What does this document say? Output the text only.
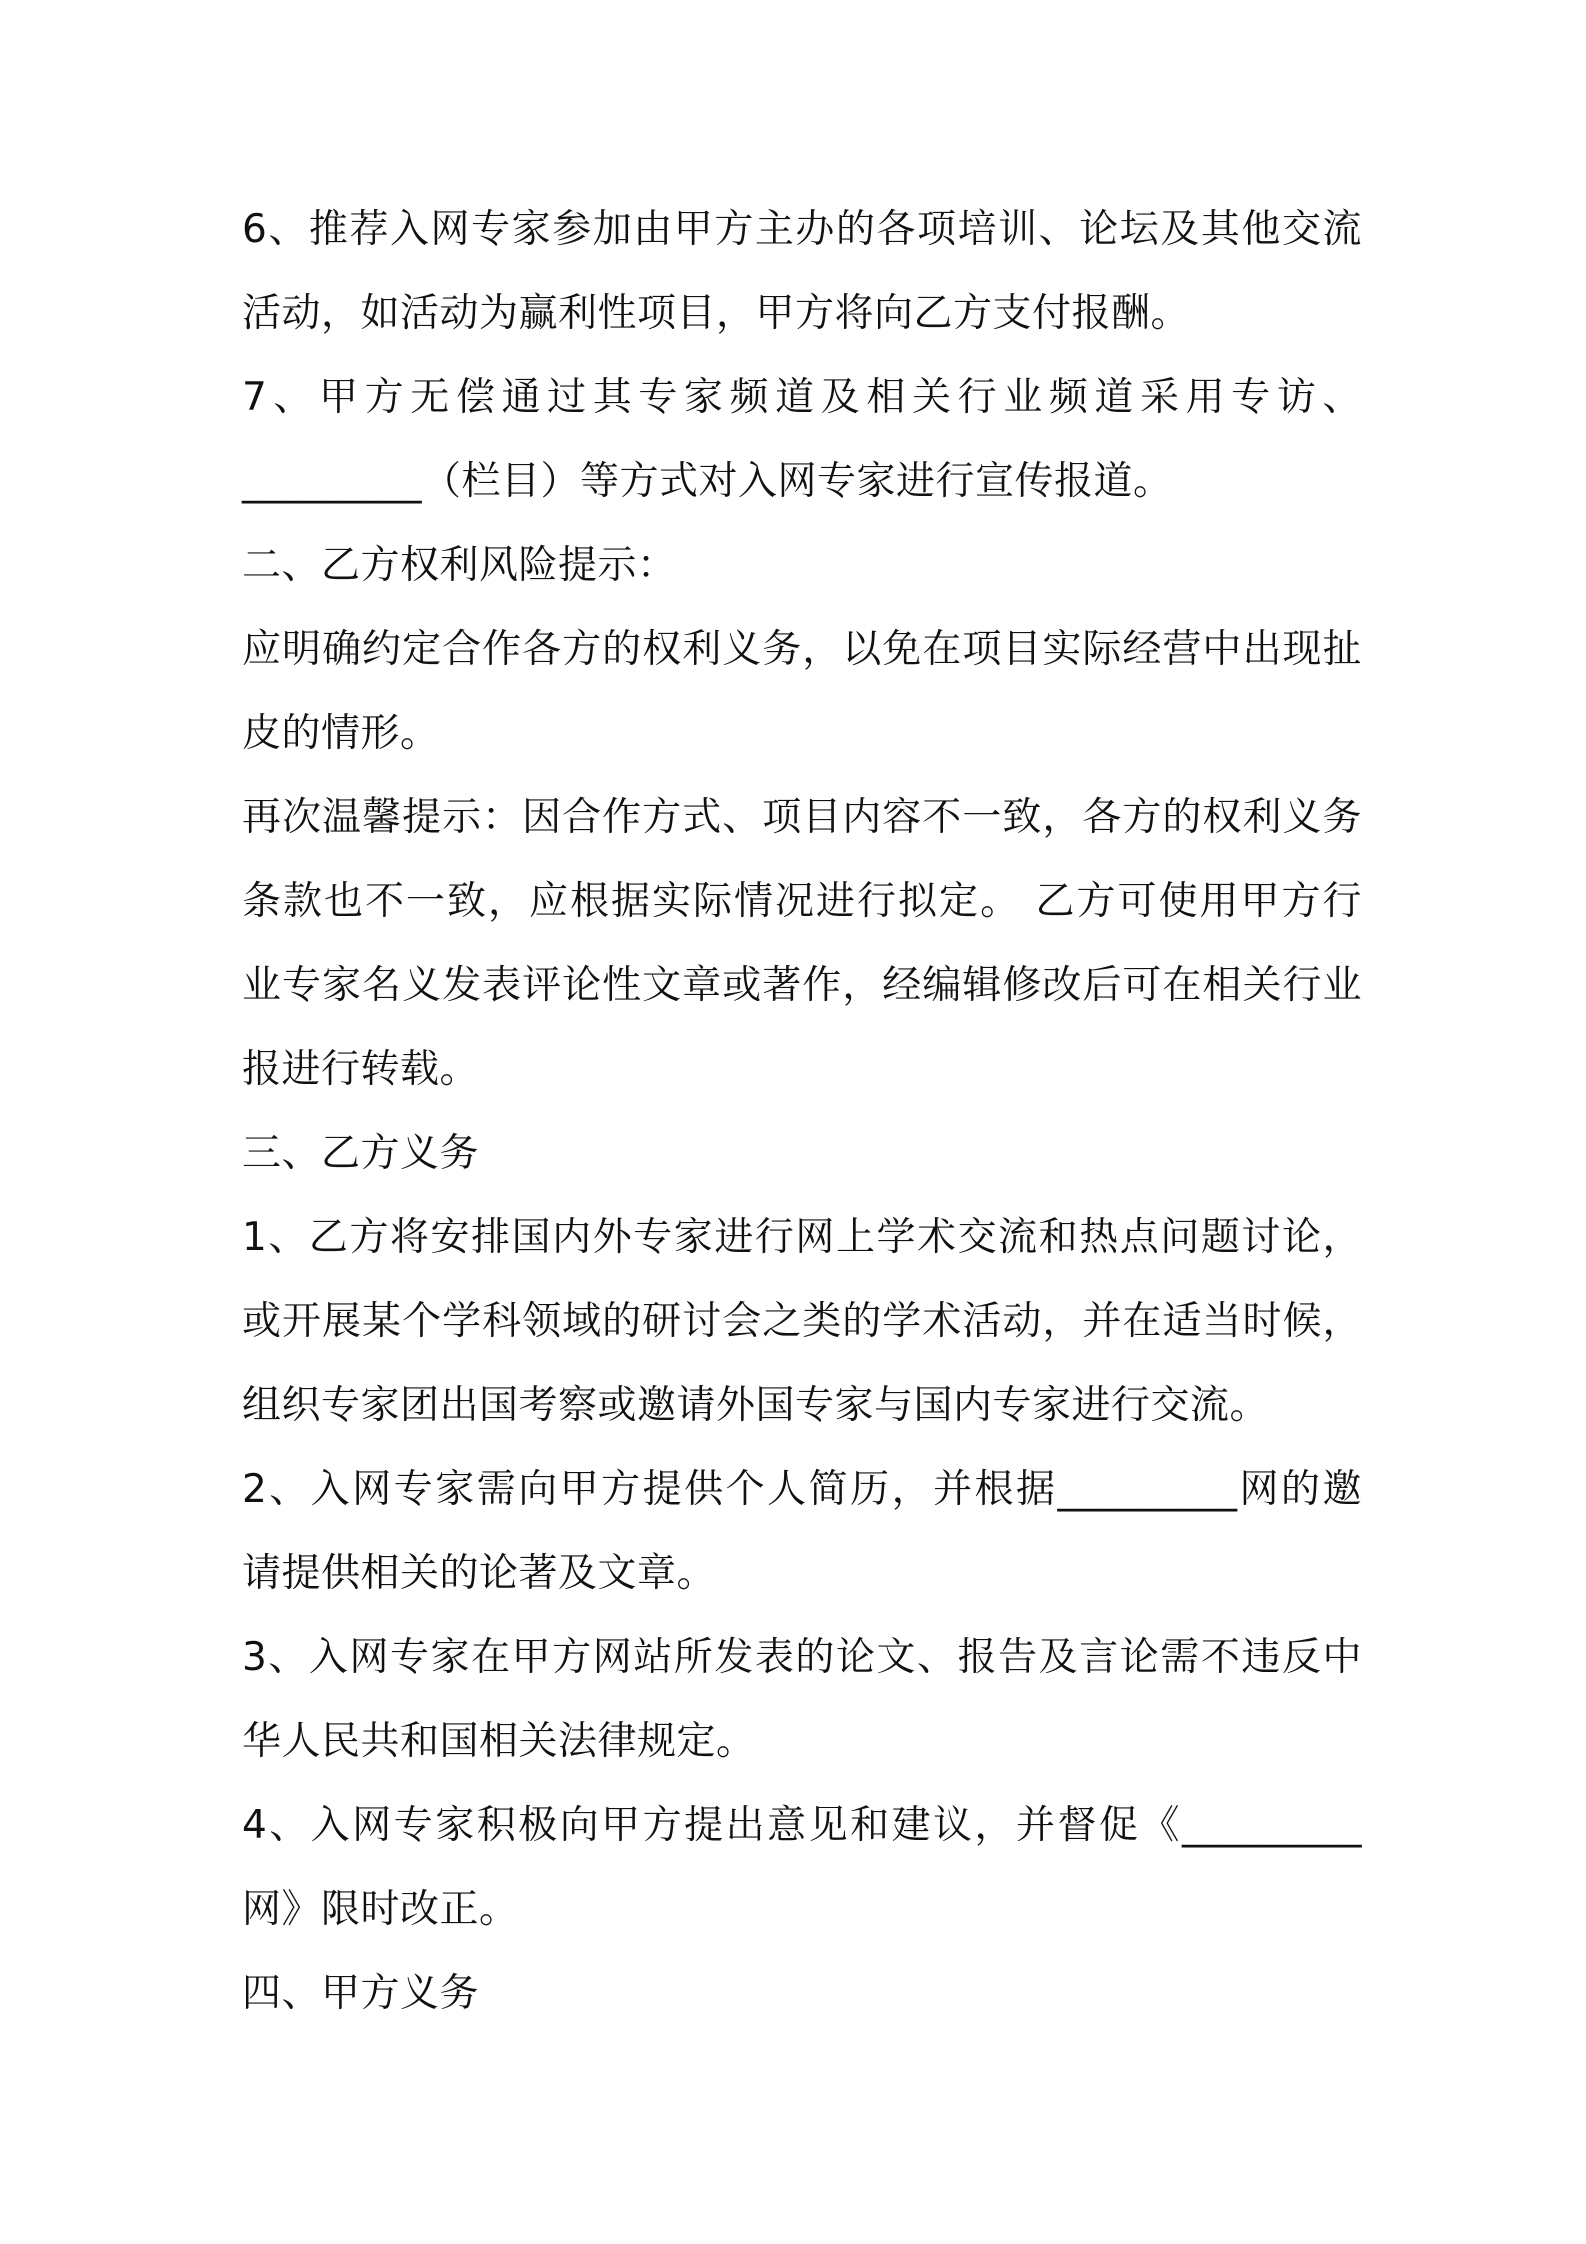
6、推荐入网专家参加由甲方主办的各项培训、论坛及其他交流
活动，如活动为赢利性项目，甲方将向乙方支付报酬。
7、甲方无偿通过其专家频道及相关行业频道采用专访、
_________（栏目）等方式对入网专家进行宣传报道。
二、乙方权利风险提示：
应明确约定合作各方的权利义务，以免在项目实际经营中出现扯
皮的情形。
再次温馨提示：因合作方式、项目内容不一致，各方的权利义务
条款也不一致，应根据实际情况进行拟定。 乙方可使用甲方行
业专家名义发表评论性文章或著作，经编辑修改后可在相关行业
报进行转载。
三、乙方义务
1、乙方将安排国内外专家进行网上学术交流和热点问题讨论，
或开展某个学科领域的研讨会之类的学术活动，并在适当时候，
组织专家团出国考察或邀请外国专家与国内专家进行交流。
2、入网专家需向甲方提供个人简历，并根据_________网的邀
请提供相关的论著及文章。
3、入网专家在甲方网站所发表的论文、报告及言论需不违反中
华人民共和国相关法律规定。
4、入网专家积极向甲方提出意见和建议，并督促《_________
网》限时改正。
四、甲方义务
